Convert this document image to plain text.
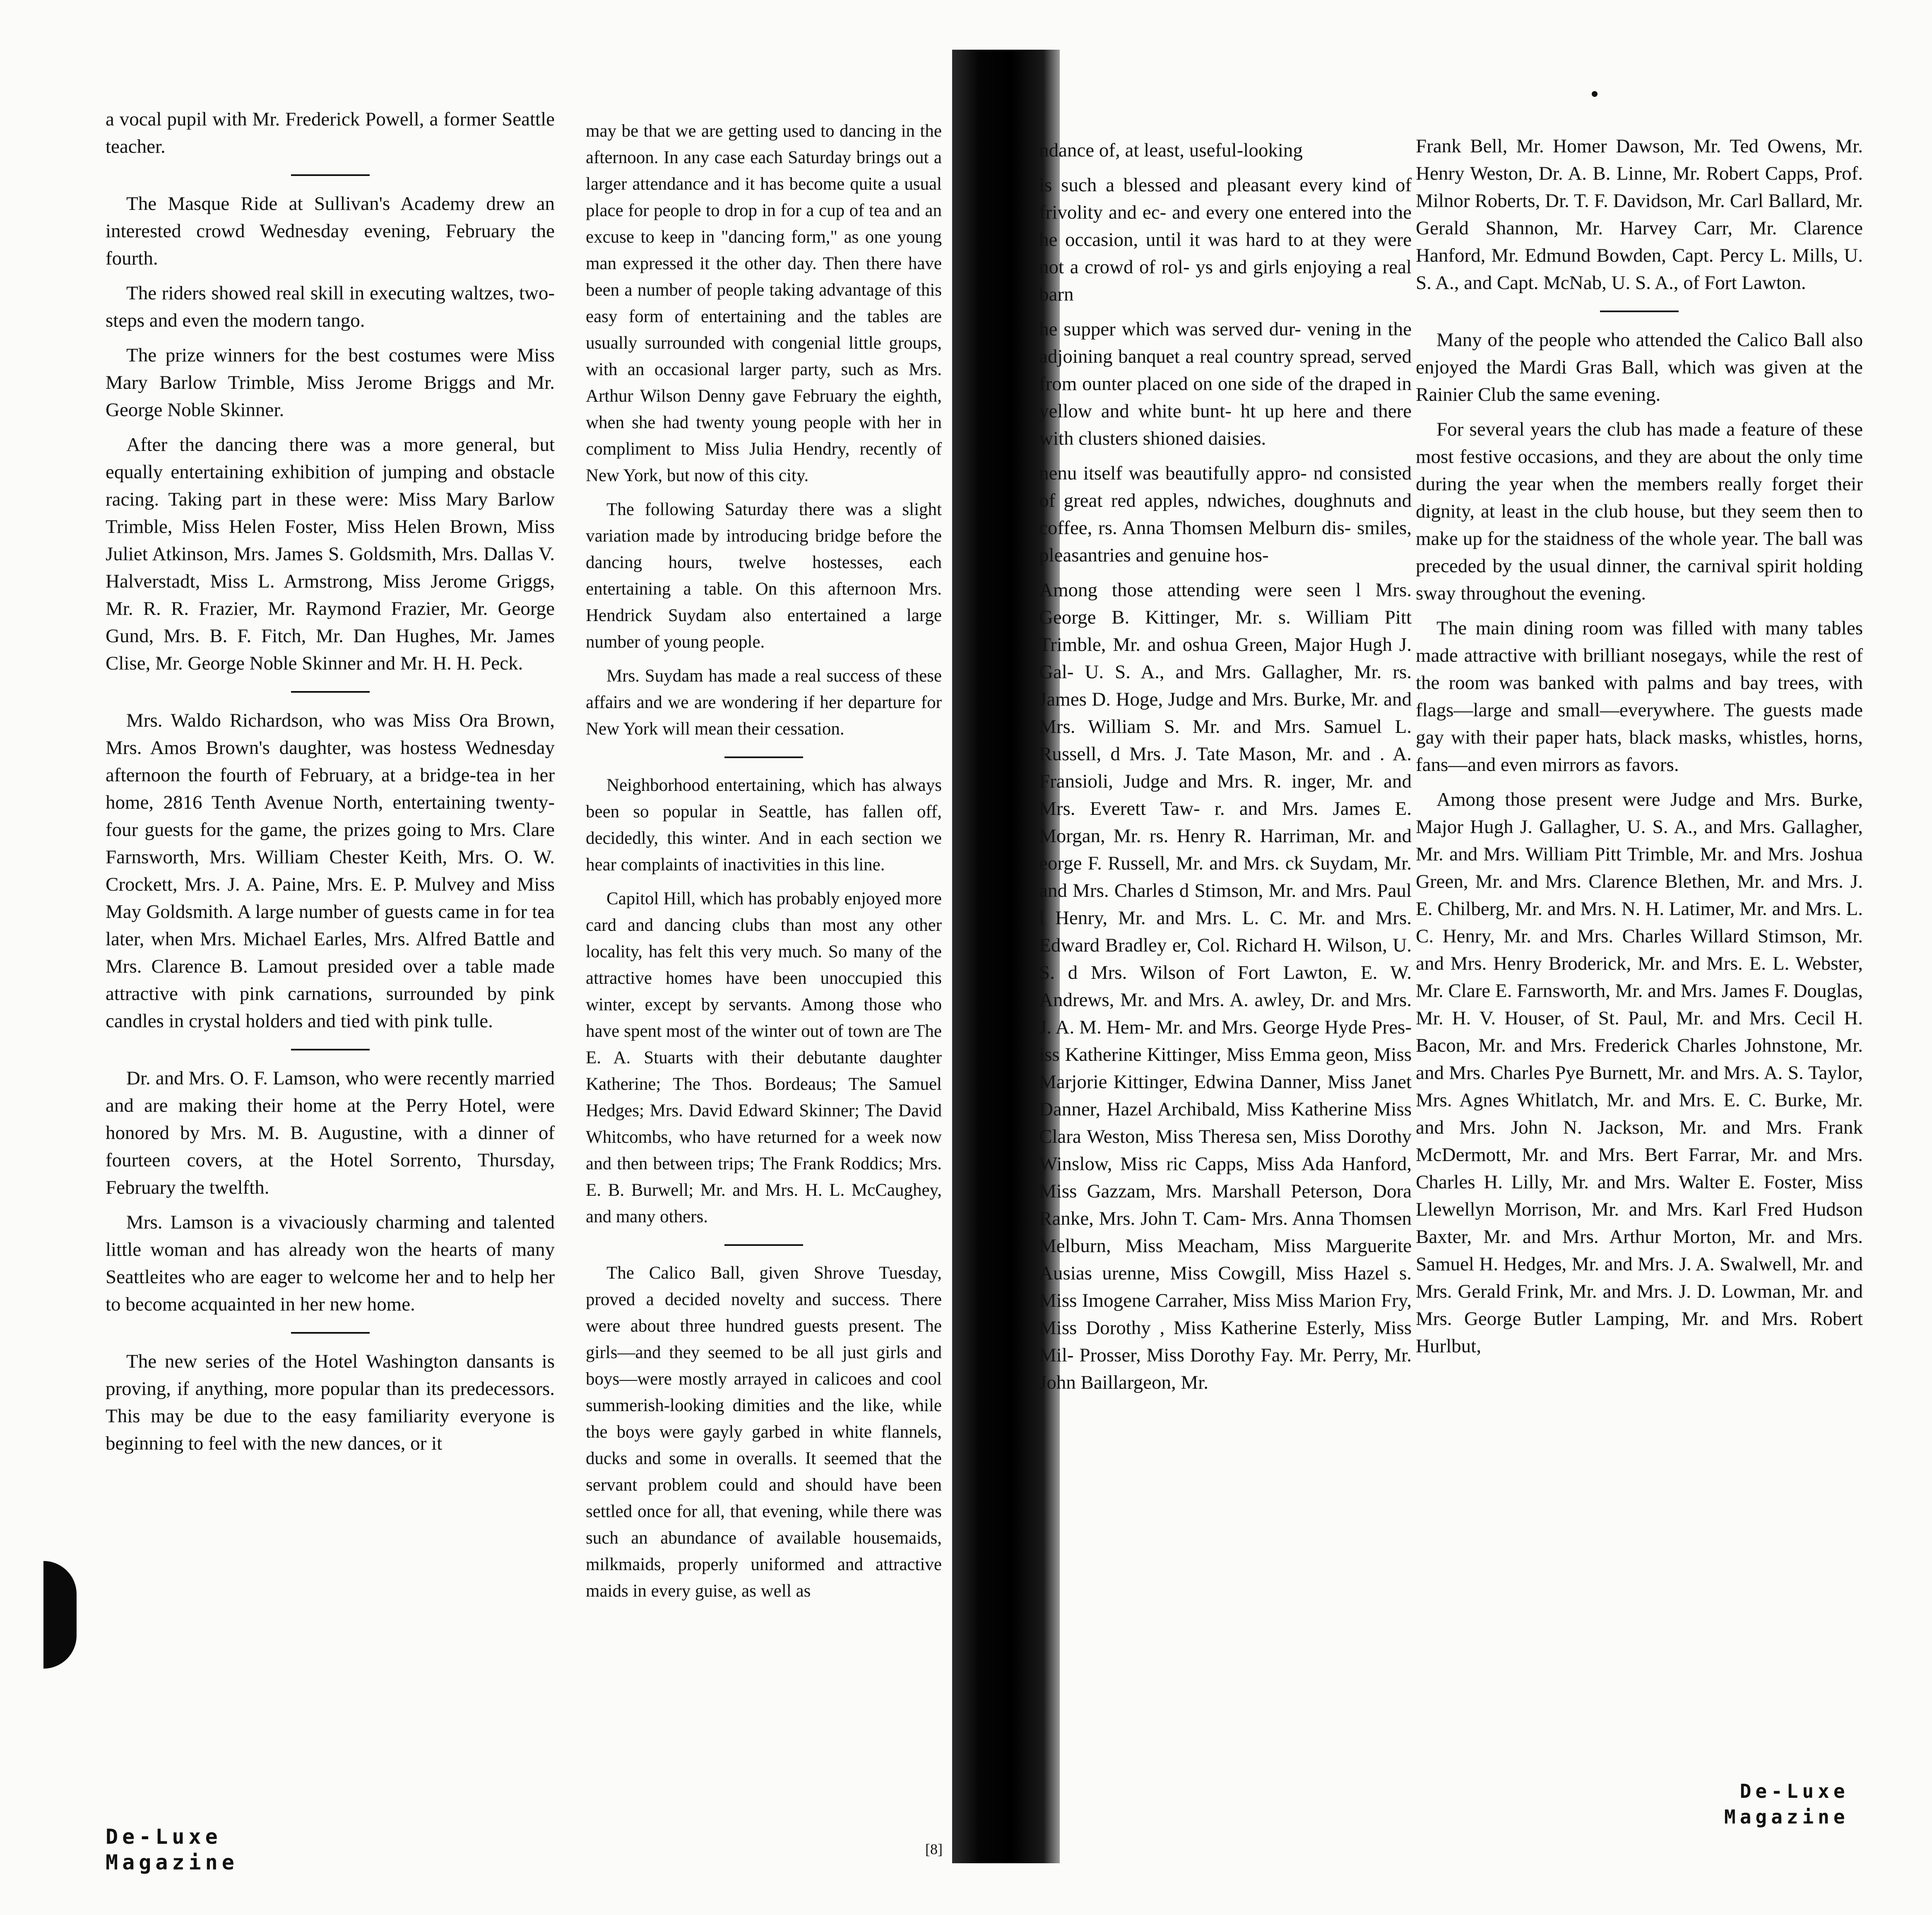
a vocal pupil with Mr. Frederick Powell, a former Seattle teacher.

The Masque Ride at Sullivan's Academy drew an interested crowd Wednesday evening, February the fourth.

The riders showed real skill in executing waltzes, two-steps and even the modern tango.

The prize winners for the best costumes were Miss Mary Barlow Trimble, Miss Jerome Briggs and Mr. George Noble Skinner.

After the dancing there was a more general, but equally entertaining exhibition of jumping and obstacle racing. Taking part in these were: Miss Mary Barlow Trimble, Miss Helen Foster, Miss Helen Brown, Miss Juliet Atkinson, Mrs. James S. Goldsmith, Mrs. Dallas V. Halverstadt, Miss L. Armstrong, Miss Jerome Griggs, Mr. R. R. Frazier, Mr. Raymond Frazier, Mr. George Gund, Mrs. B. F. Fitch, Mr. Dan Hughes, Mr. James Clise, Mr. George Noble Skinner and Mr. H. H. Peck.

Mrs. Waldo Richardson, who was Miss Ora Brown, Mrs. Amos Brown's daughter, was hostess Wednesday afternoon the fourth of February, at a bridge-tea in her home, 2816 Tenth Avenue North, entertaining twenty-four guests for the game, the prizes going to Mrs. Clare Farnsworth, Mrs. William Chester Keith, Mrs. O. W. Crockett, Mrs. J. A. Paine, Mrs. E. P. Mulvey and Miss May Goldsmith. A large number of guests came in for tea later, when Mrs. Michael Earles, Mrs. Alfred Battle and Mrs. Clarence B. Lamout presided over a table made attractive with pink carnations, surrounded by pink candles in crystal holders and tied with pink tulle.

Dr. and Mrs. O. F. Lamson, who were recently married and are making their home at the Perry Hotel, were honored by Mrs. M. B. Augustine, with a dinner of fourteen covers, at the Hotel Sorrento, Thursday, February the twelfth.

Mrs. Lamson is a vivaciously charming and talented little woman and has already won the hearts of many Seattleites who are eager to welcome her and to help her to become acquainted in her new home.

The new series of the Hotel Washington dansants is proving, if anything, more popular than its predecessors. This may be due to the easy familiarity everyone is beginning to feel with the new dances, or it

may be that we are getting used to dancing in the afternoon. In any case each Saturday brings out a larger attendance and it has become quite a usual place for people to drop in for a cup of tea and an excuse to keep in "dancing form," as one young man expressed it the other day. Then there have been a number of people taking advantage of this easy form of entertaining and the tables are usually surrounded with congenial little groups, with an occasional larger party, such as Mrs. Arthur Wilson Denny gave February the eighth, when she had twenty young people with her in compliment to Miss Julia Hendry, recently of New York, but now of this city.

The following Saturday there was a slight variation made by introducing bridge before the dancing hours, twelve hostesses, each entertaining a table. On this afternoon Mrs. Hendrick Suydam also entertained a large number of young people.

Mrs. Suydam has made a real success of these affairs and we are wondering if her departure for New York will mean their cessation.

Neighborhood entertaining, which has always been so popular in Seattle, has fallen off, decidedly, this winter. And in each section we hear complaints of inactivities in this line.

Capitol Hill, which has probably enjoyed more card and dancing clubs than most any other locality, has felt this very much. So many of the attractive homes have been unoccupied this winter, except by servants. Among those who have spent most of the winter out of town are The E. A. Stuarts with their debutante daughter Katherine; The Thos. Bordeaus; The Samuel Hedges; Mrs. David Edward Skinner; The David Whitcombs, who have returned for a week now and then between trips; The Frank Roddics; Mrs. E. B. Burwell; Mr. and Mrs. H. L. McCaughey, and many others.

The Calico Ball, given Shrove Tuesday, proved a decided novelty and success. There were about three hundred guests present. The girls—and they seemed to be all just girls and boys—were mostly arrayed in calicoes and cool summerish-looking dimities and the like, while the boys were gayly garbed in white flannels, ducks and some in overalls. It seemed that the servant problem could and should have been settled once for all, that evening, while there was such an abundance of available housemaids, milkmaids, properly uniformed and attractive maids in every guise, as well as

ndance of, at least, useful-looking

is such a blessed and pleasant every kind of frivolity and ec- and every one entered into the he occasion, until it was hard to at they were not a crowd of rol- ys and girls enjoying a real barn

he supper which was served dur- vening in the adjoining banquet a real country spread, served from ounter placed on one side of the draped in yellow and white bunt- ht up here and there with clusters shioned daisies.

nenu itself was beautifully appro- nd consisted of great red apples, ndwiches, doughnuts and coffee, rs. Anna Thomsen Melburn dis- smiles, pleasantries and genuine hos-

Among those attending were seen l Mrs. George B. Kittinger, Mr. s. William Pitt Trimble, Mr. and oshua Green, Major Hugh J. Gal- U. S. A., and Mrs. Gallagher, Mr. rs. James D. Hoge, Judge and Mrs. Burke, Mr. and Mrs. William S. Mr. and Mrs. Samuel L. Russell, d Mrs. J. Tate Mason, Mr. and . A. Fransioli, Judge and Mrs. R. inger, Mr. and Mrs. Everett Taw- r. and Mrs. James E. Morgan, Mr. rs. Henry R. Harriman, Mr. and eorge F. Russell, Mr. and Mrs. ck Suydam, Mr. and Mrs. Charles d Stimson, Mr. and Mrs. Paul l Henry, Mr. and Mrs. L. C. Mr. and Mrs. Edward Bradley er, Col. Richard H. Wilson, U. S. d Mrs. Wilson of Fort Lawton, E. W. Andrews, Mr. and Mrs. A. awley, Dr. and Mrs. J. A. M. Hem- Mr. and Mrs. George Hyde Pres- iss Katherine Kittinger, Miss Emma geon, Miss Marjorie Kittinger, Edwina Danner, Miss Janet Danner, Hazel Archibald, Miss Katherine Miss Clara Weston, Miss Theresa sen, Miss Dorothy Winslow, Miss ric Capps, Miss Ada Hanford, Miss Gazzam, Mrs. Marshall Peterson, Dora Ranke, Mrs. John T. Cam- Mrs. Anna Thomsen Melburn, Miss Meacham, Miss Marguerite Ausias urenne, Miss Cowgill, Miss Hazel s. Miss Imogene Carraher, Miss Miss Marion Fry, Miss Dorothy , Miss Katherine Esterly, Miss Mil- Prosser, Miss Dorothy Fay. Mr. Perry, Mr. John Baillargeon, Mr.

Frank Bell, Mr. Homer Dawson, Mr. Ted Owens, Mr. Henry Weston, Dr. A. B. Linne, Mr. Robert Capps, Prof. Milnor Roberts, Dr. T. F. Davidson, Mr. Carl Ballard, Mr. Gerald Shannon, Mr. Harvey Carr, Mr. Clarence Hanford, Mr. Edmund Bowden, Capt. Percy L. Mills, U. S. A., and Capt. McNab, U. S. A., of Fort Lawton.

Many of the people who attended the Calico Ball also enjoyed the Mardi Gras Ball, which was given at the Rainier Club the same evening.

For several years the club has made a feature of these most festive occasions, and they are about the only time during the year when the members really forget their dignity, at least in the club house, but they seem then to make up for the staidness of the whole year. The ball was preceded by the usual dinner, the carnival spirit holding sway throughout the evening.

The main dining room was filled with many tables made attractive with brilliant nosegays, while the rest of the room was banked with palms and bay trees, with flags—large and small—everywhere. The guests made gay with their paper hats, black masks, whistles, horns, fans—and even mirrors as favors.

Among those present were Judge and Mrs. Burke, Major Hugh J. Gallagher, U. S. A., and Mrs. Gallagher, Mr. and Mrs. William Pitt Trimble, Mr. and Mrs. Joshua Green, Mr. and Mrs. Clarence Blethen, Mr. and Mrs. J. E. Chilberg, Mr. and Mrs. N. H. Latimer, Mr. and Mrs. L. C. Henry, Mr. and Mrs. Charles Willard Stimson, Mr. and Mrs. Henry Broderick, Mr. and Mrs. E. L. Webster, Mr. Clare E. Farnsworth, Mr. and Mrs. James F. Douglas, Mr. H. V. Houser, of St. Paul, Mr. and Mrs. Cecil H. Bacon, Mr. and Mrs. Frederick Charles Johnstone, Mr. and Mrs. Charles Pye Burnett, Mr. and Mrs. A. S. Taylor, Mrs. Agnes Whitlatch, Mr. and Mrs. E. C. Burke, Mr. and Mrs. John N. Jackson, Mr. and Mrs. Frank McDermott, Mr. and Mrs. Bert Farrar, Mr. and Mrs. Charles H. Lilly, Mr. and Mrs. Walter E. Foster, Miss Llewellyn Morrison, Mr. and Mrs. Karl Fred Hudson Baxter, Mr. and Mrs. Arthur Morton, Mr. and Mrs. Samuel H. Hedges, Mr. and Mrs. J. A. Swalwell, Mr. and Mrs. Gerald Frink, Mr. and Mrs. J. D. Lowman, Mr. and Mrs. George Butler Lamping, Mr. and Mrs. Robert Hurlbut,

De-Luxe
Magazine
De-Luxe
Magazine
[8]
